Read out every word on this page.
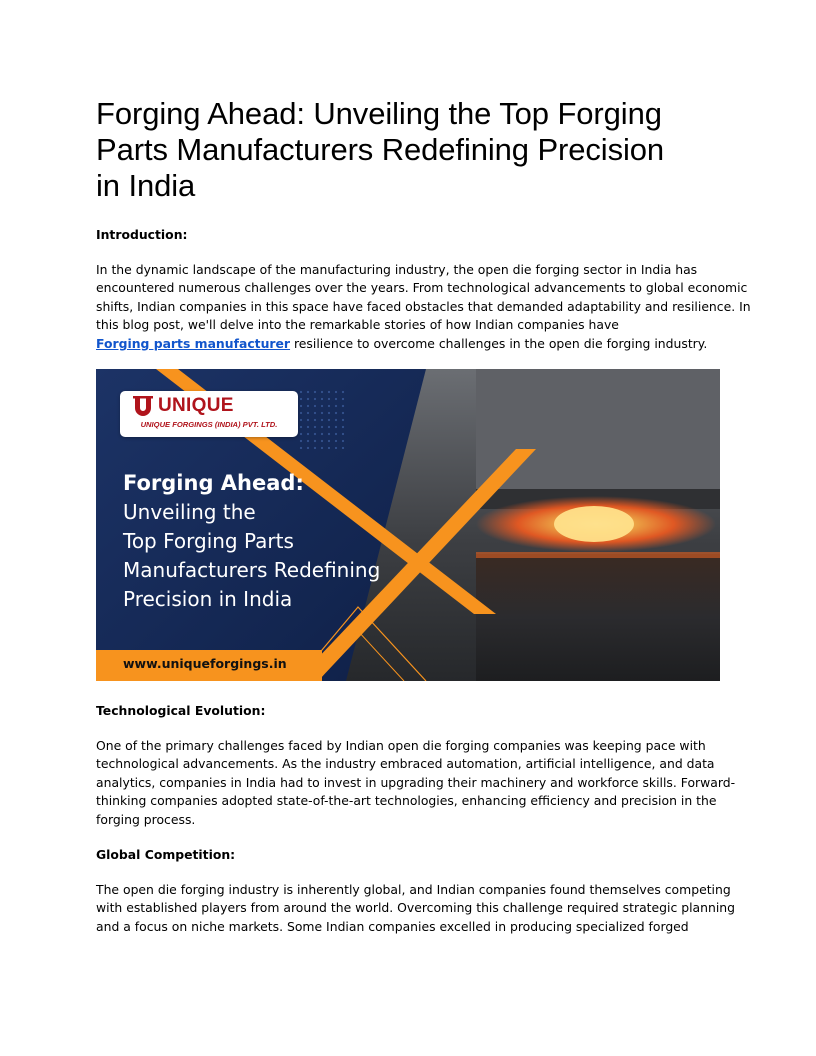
Forging Ahead: Unveiling the Top Forging
Parts Manufacturers Redefining Precision
in India

Introduction:

In the dynamic landscape of the manufacturing industry, the open die forging sector in India has
encountered numerous challenges over the years. From technological advancements to global economic
shifts, Indian companies in this space have faced obstacles that demanded adaptability and resilience. In
this blog post, we'll delve into the remarkable stories of how Indian companies have
Forging parts manufacturer resilience to overcome challenges in the open die forging industry.
UNIQUE
UNIQUE FORGINGS (INDIA) PVT. LTD.
Forging Ahead:
Unveiling the
Top Forging Parts
Manufacturers Redefining
Precision in India
www.uniqueforgings.in

Technological Evolution:

One of the primary challenges faced by Indian open die forging companies was keeping pace with
technological advancements. As the industry embraced automation, artificial intelligence, and data
analytics, companies in India had to invest in upgrading their machinery and workforce skills. Forward-
thinking companies adopted state-of-the-art technologies, enhancing efficiency and precision in the
forging process.

Global Competition:

The open die forging industry is inherently global, and Indian companies found themselves competing
with established players from around the world. Overcoming this challenge required strategic planning
and a focus on niche markets. Some Indian companies excelled in producing specialized forged
